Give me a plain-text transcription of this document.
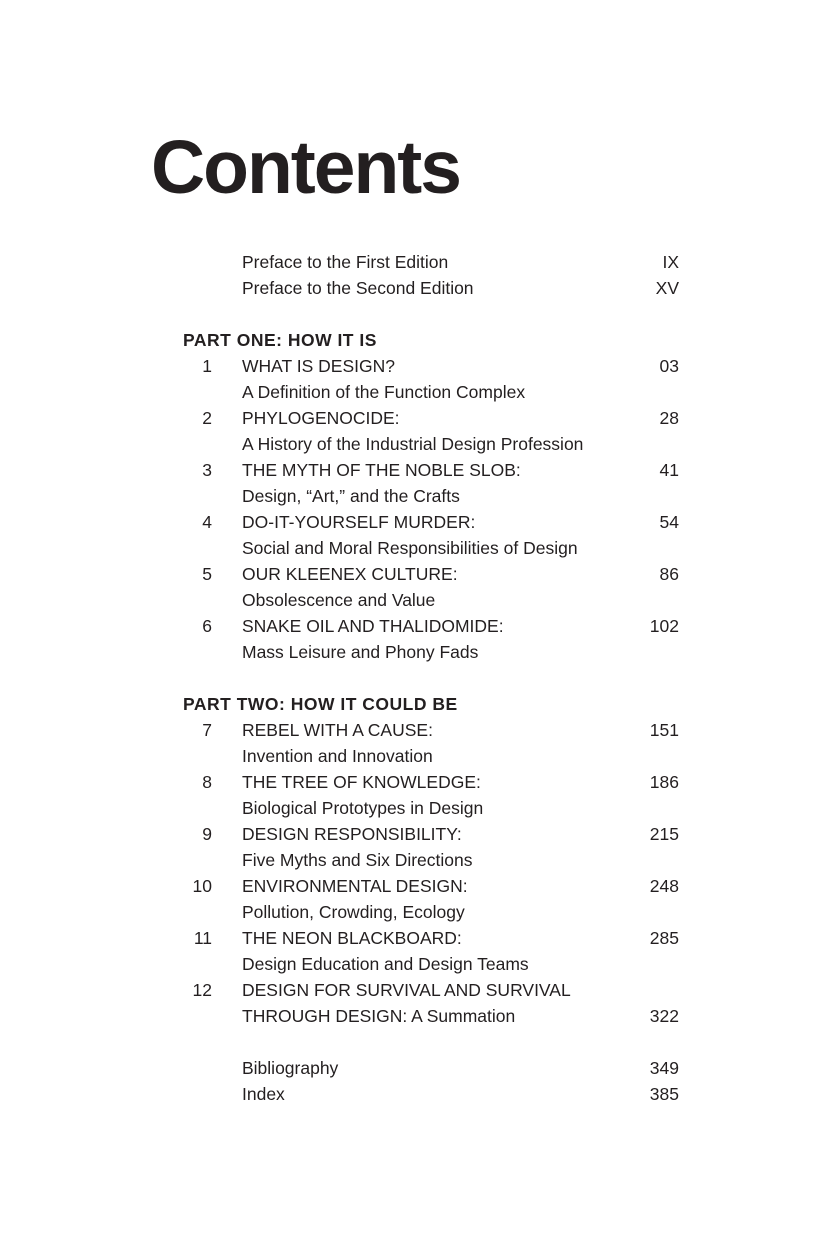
Contents
Preface to the First Edition	IX
Preface to the Second Edition	XV
PART ONE: HOW IT IS
1 WHAT IS DESIGN?	03
A Definition of the Function Complex
2 PHYLOGENOCIDE:	28
A History of the Industrial Design Profession
3 THE MYTH OF THE NOBLE SLOB:	41
Design, “Art,” and the Crafts
4 DO-IT-YOURSELF MURDER:	54
Social and Moral Responsibilities of Design
5 OUR KLEENEX CULTURE:	86
Obsolescence and Value
6 SNAKE OIL AND THALIDOMIDE:	102
Mass Leisure and Phony Fads
PART TWO: HOW IT COULD BE
7 REBEL WITH A CAUSE:	151
Invention and Innovation
8 THE TREE OF KNOWLEDGE:	186
Biological Prototypes in Design
9 DESIGN RESPONSIBILITY:	215
Five Myths and Six Directions
10 ENVIRONMENTAL DESIGN:	248
Pollution, Crowding, Ecology
11 THE NEON BLACKBOARD:	285
Design Education and Design Teams
12 DESIGN FOR SURVIVAL AND SURVIVAL
THROUGH DESIGN: A Summation	322
Bibliography	349
Index	385
